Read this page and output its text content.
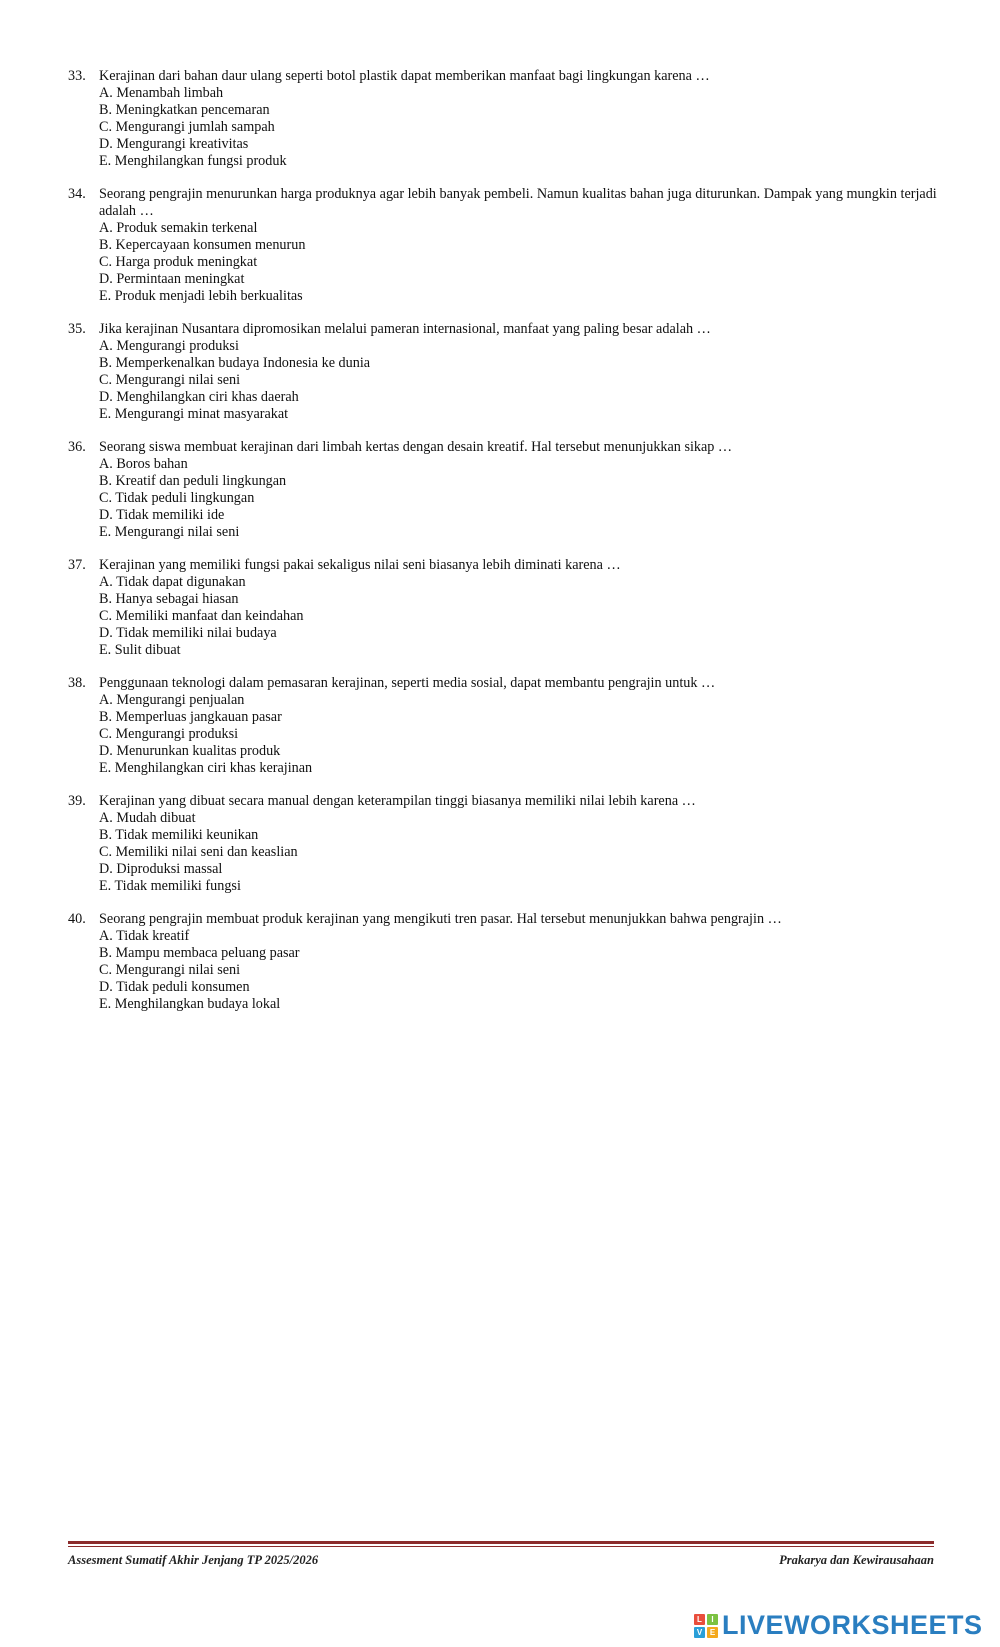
33. Kerajinan dari bahan daur ulang seperti botol plastik dapat memberikan manfaat bagi lingkungan karena …
A. Menambah limbah
B. Meningkatkan pencemaran
C. Mengurangi jumlah sampah
D. Mengurangi kreativitas
E. Menghilangkan fungsi produk
34. Seorang pengrajin menurunkan harga produknya agar lebih banyak pembeli. Namun kualitas bahan juga diturunkan. Dampak yang mungkin terjadi adalah …
A. Produk semakin terkenal
B. Kepercayaan konsumen menurun
C. Harga produk meningkat
D. Permintaan meningkat
E. Produk menjadi lebih berkualitas
35. Jika kerajinan Nusantara dipromosikan melalui pameran internasional, manfaat yang paling besar adalah …
A. Mengurangi produksi
B. Memperkenalkan budaya Indonesia ke dunia
C. Mengurangi nilai seni
D. Menghilangkan ciri khas daerah
E. Mengurangi minat masyarakat
36. Seorang siswa membuat kerajinan dari limbah kertas dengan desain kreatif. Hal tersebut menunjukkan sikap …
A. Boros bahan
B. Kreatif dan peduli lingkungan
C. Tidak peduli lingkungan
D. Tidak memiliki ide
E. Mengurangi nilai seni
37. Kerajinan yang memiliki fungsi pakai sekaligus nilai seni biasanya lebih diminati karena …
A. Tidak dapat digunakan
B. Hanya sebagai hiasan
C. Memiliki manfaat dan keindahan
D. Tidak memiliki nilai budaya
E. Sulit dibuat
38. Penggunaan teknologi dalam pemasaran kerajinan, seperti media sosial, dapat membantu pengrajin untuk …
A. Mengurangi penjualan
B. Memperluas jangkauan pasar
C. Mengurangi produksi
D. Menurunkan kualitas produk
E. Menghilangkan ciri khas kerajinan
39. Kerajinan yang dibuat secara manual dengan keterampilan tinggi biasanya memiliki nilai lebih karena …
A. Mudah dibuat
B. Tidak memiliki keunikan
C. Memiliki nilai seni dan keaslian
D. Diproduksi massal
E. Tidak memiliki fungsi
40. Seorang pengrajin membuat produk kerajinan yang mengikuti tren pasar. Hal tersebut menunjukkan bahwa pengrajin …
A. Tidak kreatif
B. Mampu membaca peluang pasar
C. Mengurangi nilai seni
D. Tidak peduli konsumen
E. Menghilangkan budaya lokal
Assesment Sumatif Akhir Jenjang TP 2025/2026	Prakarya dan Kewirausahaan
L	I
V E LIVEWORKSHEETS
